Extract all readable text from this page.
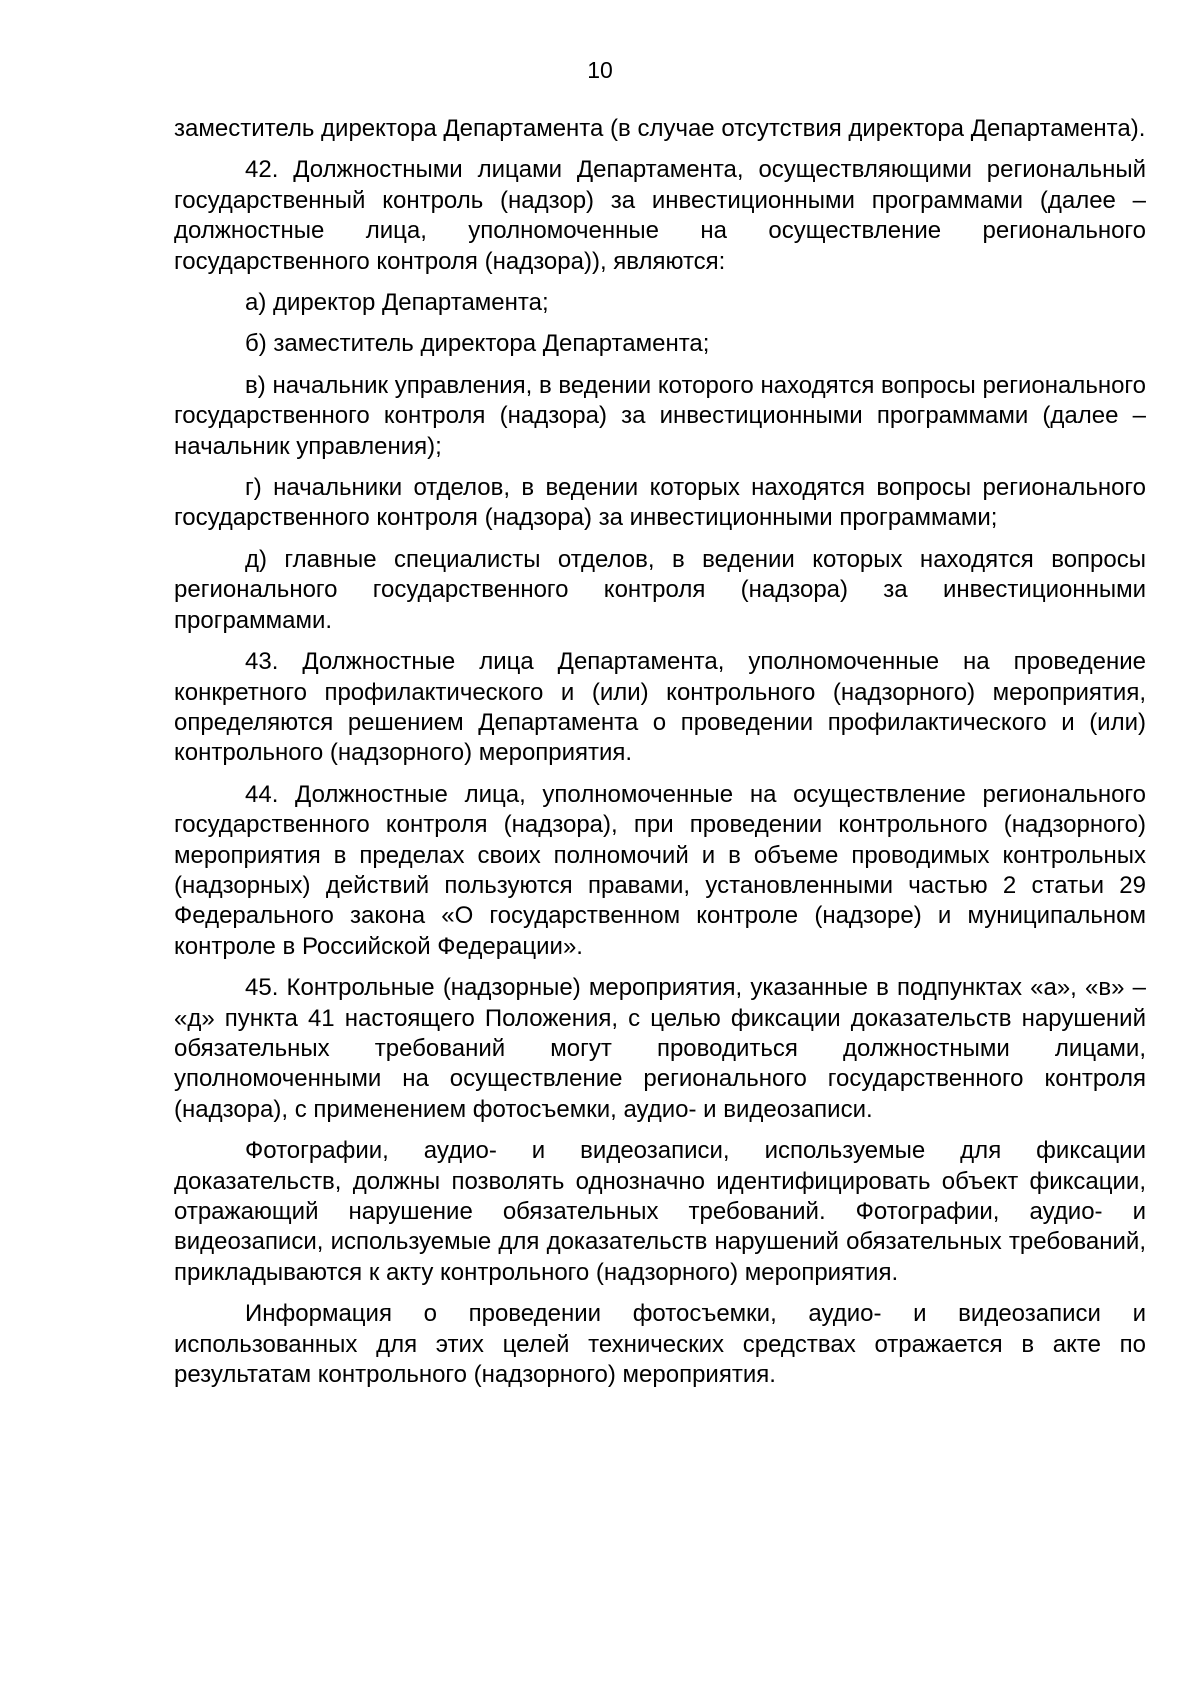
10

заместитель директора Департамента (в случае отсутствия директора Департамента).

42. Должностными лицами Департамента, осуществляющими региональный государственный контроль (надзор) за инвестиционными программами (далее – должностные лица, уполномоченные на осуществление регионального государственного контроля (надзора)), являются:

а) директор Департамента;

б) заместитель директора Департамента;

в) начальник управления, в ведении которого находятся вопросы регионального государственного контроля (надзора) за инвестиционными программами (далее – начальник управления);

г) начальники отделов, в ведении которых находятся вопросы регионального государственного контроля (надзора) за инвестиционными программами;

д) главные специалисты отделов, в ведении которых находятся вопросы регионального государственного контроля (надзора) за инвестиционными программами.

43. Должностные лица Департамента, уполномоченные на проведение конкретного профилактического и (или) контрольного (надзорного) мероприятия, определяются решением Департамента о проведении профилактического и (или) контрольного (надзорного) мероприятия.

44. Должностные лица, уполномоченные на осуществление регионального государственного контроля (надзора), при проведении контрольного (надзорного) мероприятия в пределах своих полномочий и в объеме проводимых контрольных (надзорных) действий пользуются правами, установленными частью 2 статьи 29 Федерального закона «О государственном контроле (надзоре) и муниципальном контроле в Российской Федерации».

45. Контрольные (надзорные) мероприятия, указанные в подпунктах «а», «в» – «д» пункта 41 настоящего Положения, с целью фиксации доказательств нарушений обязательных требований могут проводиться должностными лицами, уполномоченными на осуществление регионального государственного контроля (надзора), с применением фотосъемки, аудио- и видеозаписи.

Фотографии, аудио- и видеозаписи, используемые для фиксации доказательств, должны позволять однозначно идентифицировать объект фиксации, отражающий нарушение обязательных требований. Фотографии, аудио- и видеозаписи, используемые для доказательств нарушений обязательных требований, прикладываются к акту контрольного (надзорного) мероприятия.

Информация о проведении фотосъемки, аудио- и видеозаписи и использованных для этих целей технических средствах отражается в акте по результатам контрольного (надзорного) мероприятия.
